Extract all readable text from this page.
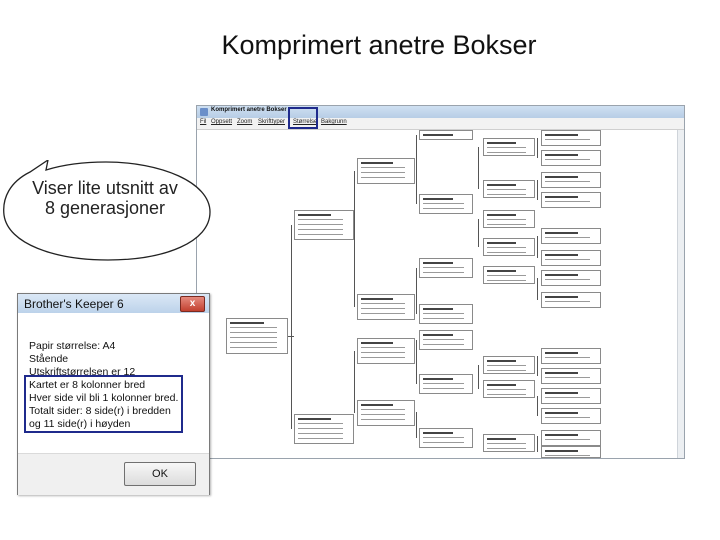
Komprimert anetre Bokser
Komprimert anetre Bokser
Fil Oppsett Zoom Skrifttyper Størrelse Bakgrunn
Viser lite utsnitt av 8 generasjoner
Brother's Keeper 6	x
Papir størrelse: A4
Stående
Utskriftstørrelsen er 12
Kartet er 8 kolonner bred
Hver side vil bli 1 kolonner bred.
Totalt sider: 8 side(r) i bredden
og 11 side(r) i høyden
OK
